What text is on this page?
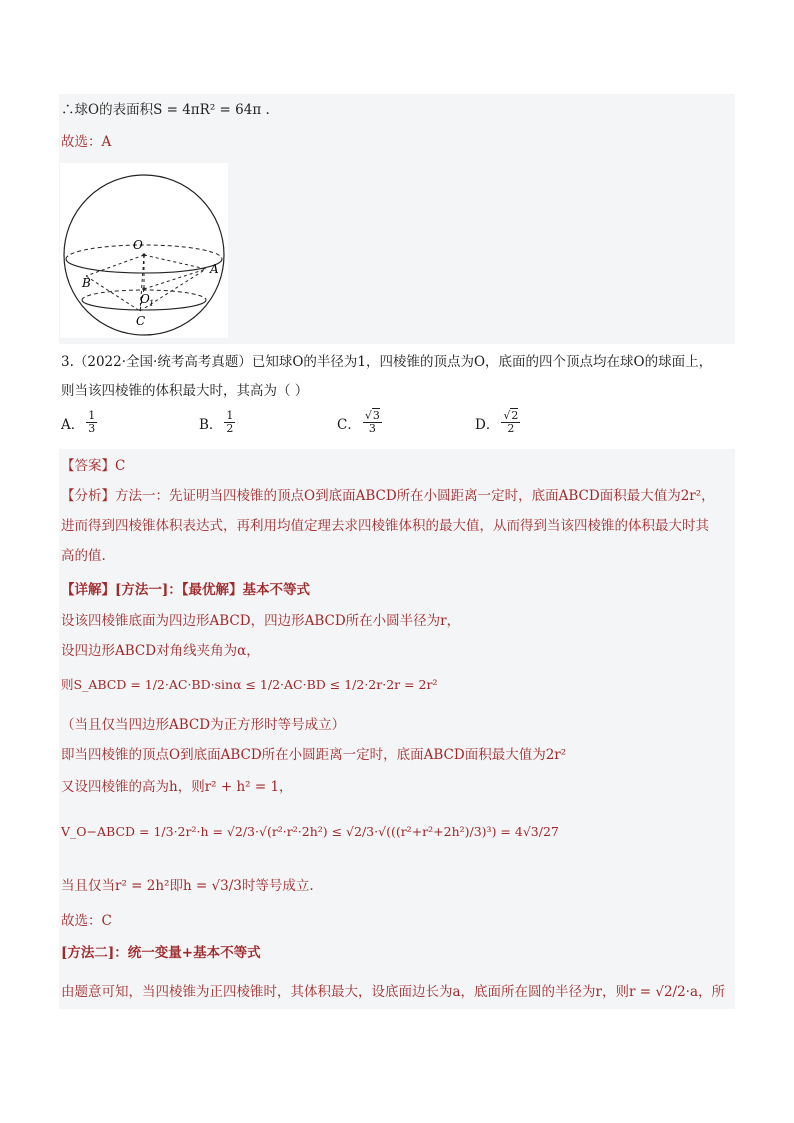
∴球O的表面积S = 4πR² = 64π .
故选：A
O
A
B
C
O 1
3.（2022·全国·统考高考真题）已知球O的半径为1，四棱锥的顶点为O，底面的四个顶点均在球O的球面上，
则当该四棱锥的体积最大时，其高为（ ）
A． $\frac{1}{3}$	B． $\frac{1}{2}$	C． $\frac{√3}{3}$	D． $\frac{√2}{2}$
【答案】C
【分析】方法一：先证明当四棱锥的顶点O到底面ABCD所在小圆距离一定时，底面ABCD面积最大值为2r²，
进而得到四棱锥体积表达式，再利用均值定理去求四棱锥体积的最大值，从而得到当该四棱锥的体积最大时其
高的值.
【详解】[方法一]：【最优解】基本不等式
设该四棱锥底面为四边形ABCD，四边形ABCD所在小圆半径为r，
设四边形ABCD对角线夹角为α，
则S_ABCD = 1/2·AC·BD·sinα ≤ 1/2·AC·BD ≤ 1/2·2r·2r = 2r²
（当且仅当四边形ABCD为正方形时等号成立）
即当四棱锥的顶点O到底面ABCD所在小圆距离一定时，底面ABCD面积最大值为2r²
又设四棱锥的高为h，则r² + h² = 1，
V_O−ABCD = 1/3·2r²·h = √2/3·√(r²·r²·2h²) ≤ √2/3·√(((r²+r²+2h²)/3)³) = 4√3/27
当且仅当r² = 2h²即h = √3/3时等号成立.
故选：C
[方法二]：统一变量+基本不等式
由题意可知，当四棱锥为正四棱锥时，其体积最大，设底面边长为a，底面所在圆的半径为r，则r = √2/2·a，所
